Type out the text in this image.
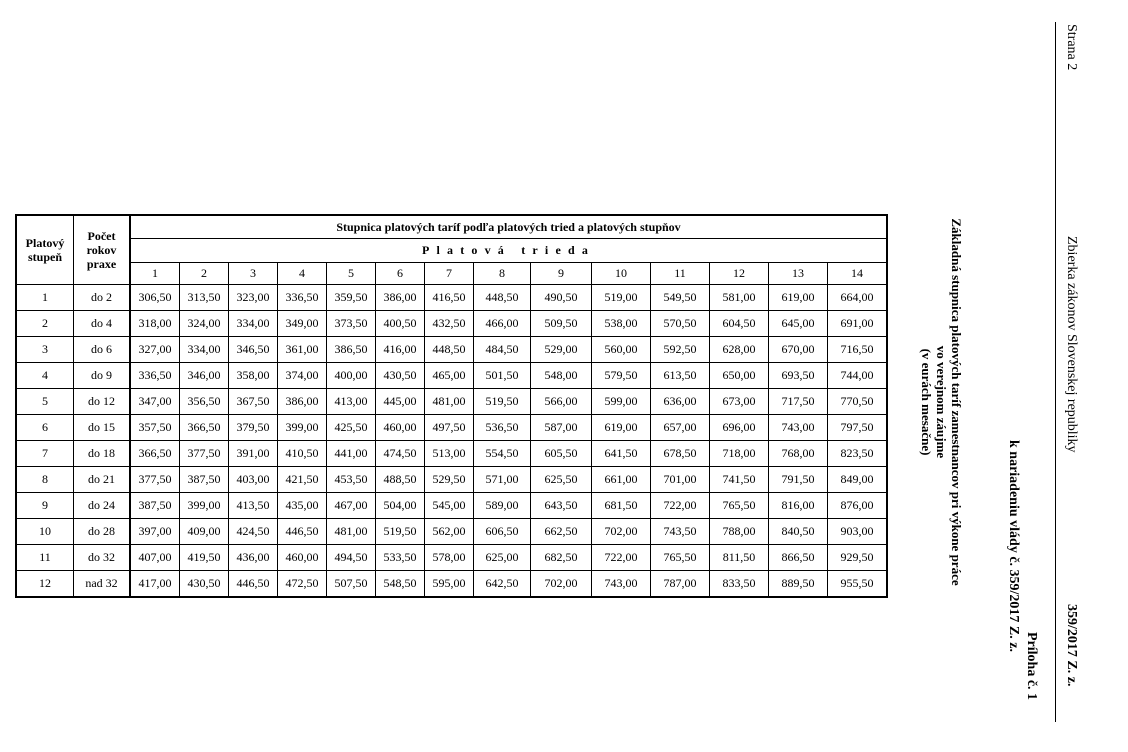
Strana 2
Zbierka zákonov Slovenskej republiky
359/2017 Z. z.
Príloha č. 1
k nariadeniu vlády č. 359/2017 Z. z.
Základná stupnica platových taríf zamestnancov pri výkone práce
vo verejnom záujme
(v eurách mesačne)
Platový stupeň	Počet rokov praxe	Stupnica platových taríf podľa platových tried a platových stupňov													
		Platová trieda													
		1	2	3	4	5	6	7	8	9	10	11	12	13	14
1	do 2	306,50	313,50	323,00	336,50	359,50	386,00	416,50	448,50	490,50	519,00	549,50	581,00	619,00	664,00
2	do 4	318,00	324,00	334,00	349,00	373,50	400,50	432,50	466,00	509,50	538,00	570,50	604,50	645,00	691,00
3	do 6	327,00	334,00	346,50	361,00	386,50	416,00	448,50	484,50	529,00	560,00	592,50	628,00	670,00	716,50
4	do 9	336,50	346,00	358,00	374,00	400,00	430,50	465,00	501,50	548,00	579,50	613,50	650,00	693,50	744,00
5	do 12	347,00	356,50	367,50	386,00	413,00	445,00	481,00	519,50	566,00	599,00	636,00	673,00	717,50	770,50
6	do 15	357,50	366,50	379,50	399,00	425,50	460,00	497,50	536,50	587,00	619,00	657,00	696,00	743,00	797,50
7	do 18	366,50	377,50	391,00	410,50	441,00	474,50	513,00	554,50	605,50	641,50	678,50	718,00	768,00	823,50
8	do 21	377,50	387,50	403,00	421,50	453,50	488,50	529,50	571,00	625,50	661,00	701,00	741,50	791,50	849,00
9	do 24	387,50	399,00	413,50	435,00	467,00	504,00	545,00	589,00	643,50	681,50	722,00	765,50	816,00	876,00
10	do 28	397,00	409,00	424,50	446,50	481,00	519,50	562,00	606,50	662,50	702,00	743,50	788,00	840,50	903,00
11	do 32	407,00	419,50	436,00	460,00	494,50	533,50	578,00	625,00	682,50	722,00	765,50	811,50	866,50	929,50
12	nad 32	417,00	430,50	446,50	472,50	507,50	548,50	595,00	642,50	702,00	743,00	787,00	833,50	889,50	955,50
